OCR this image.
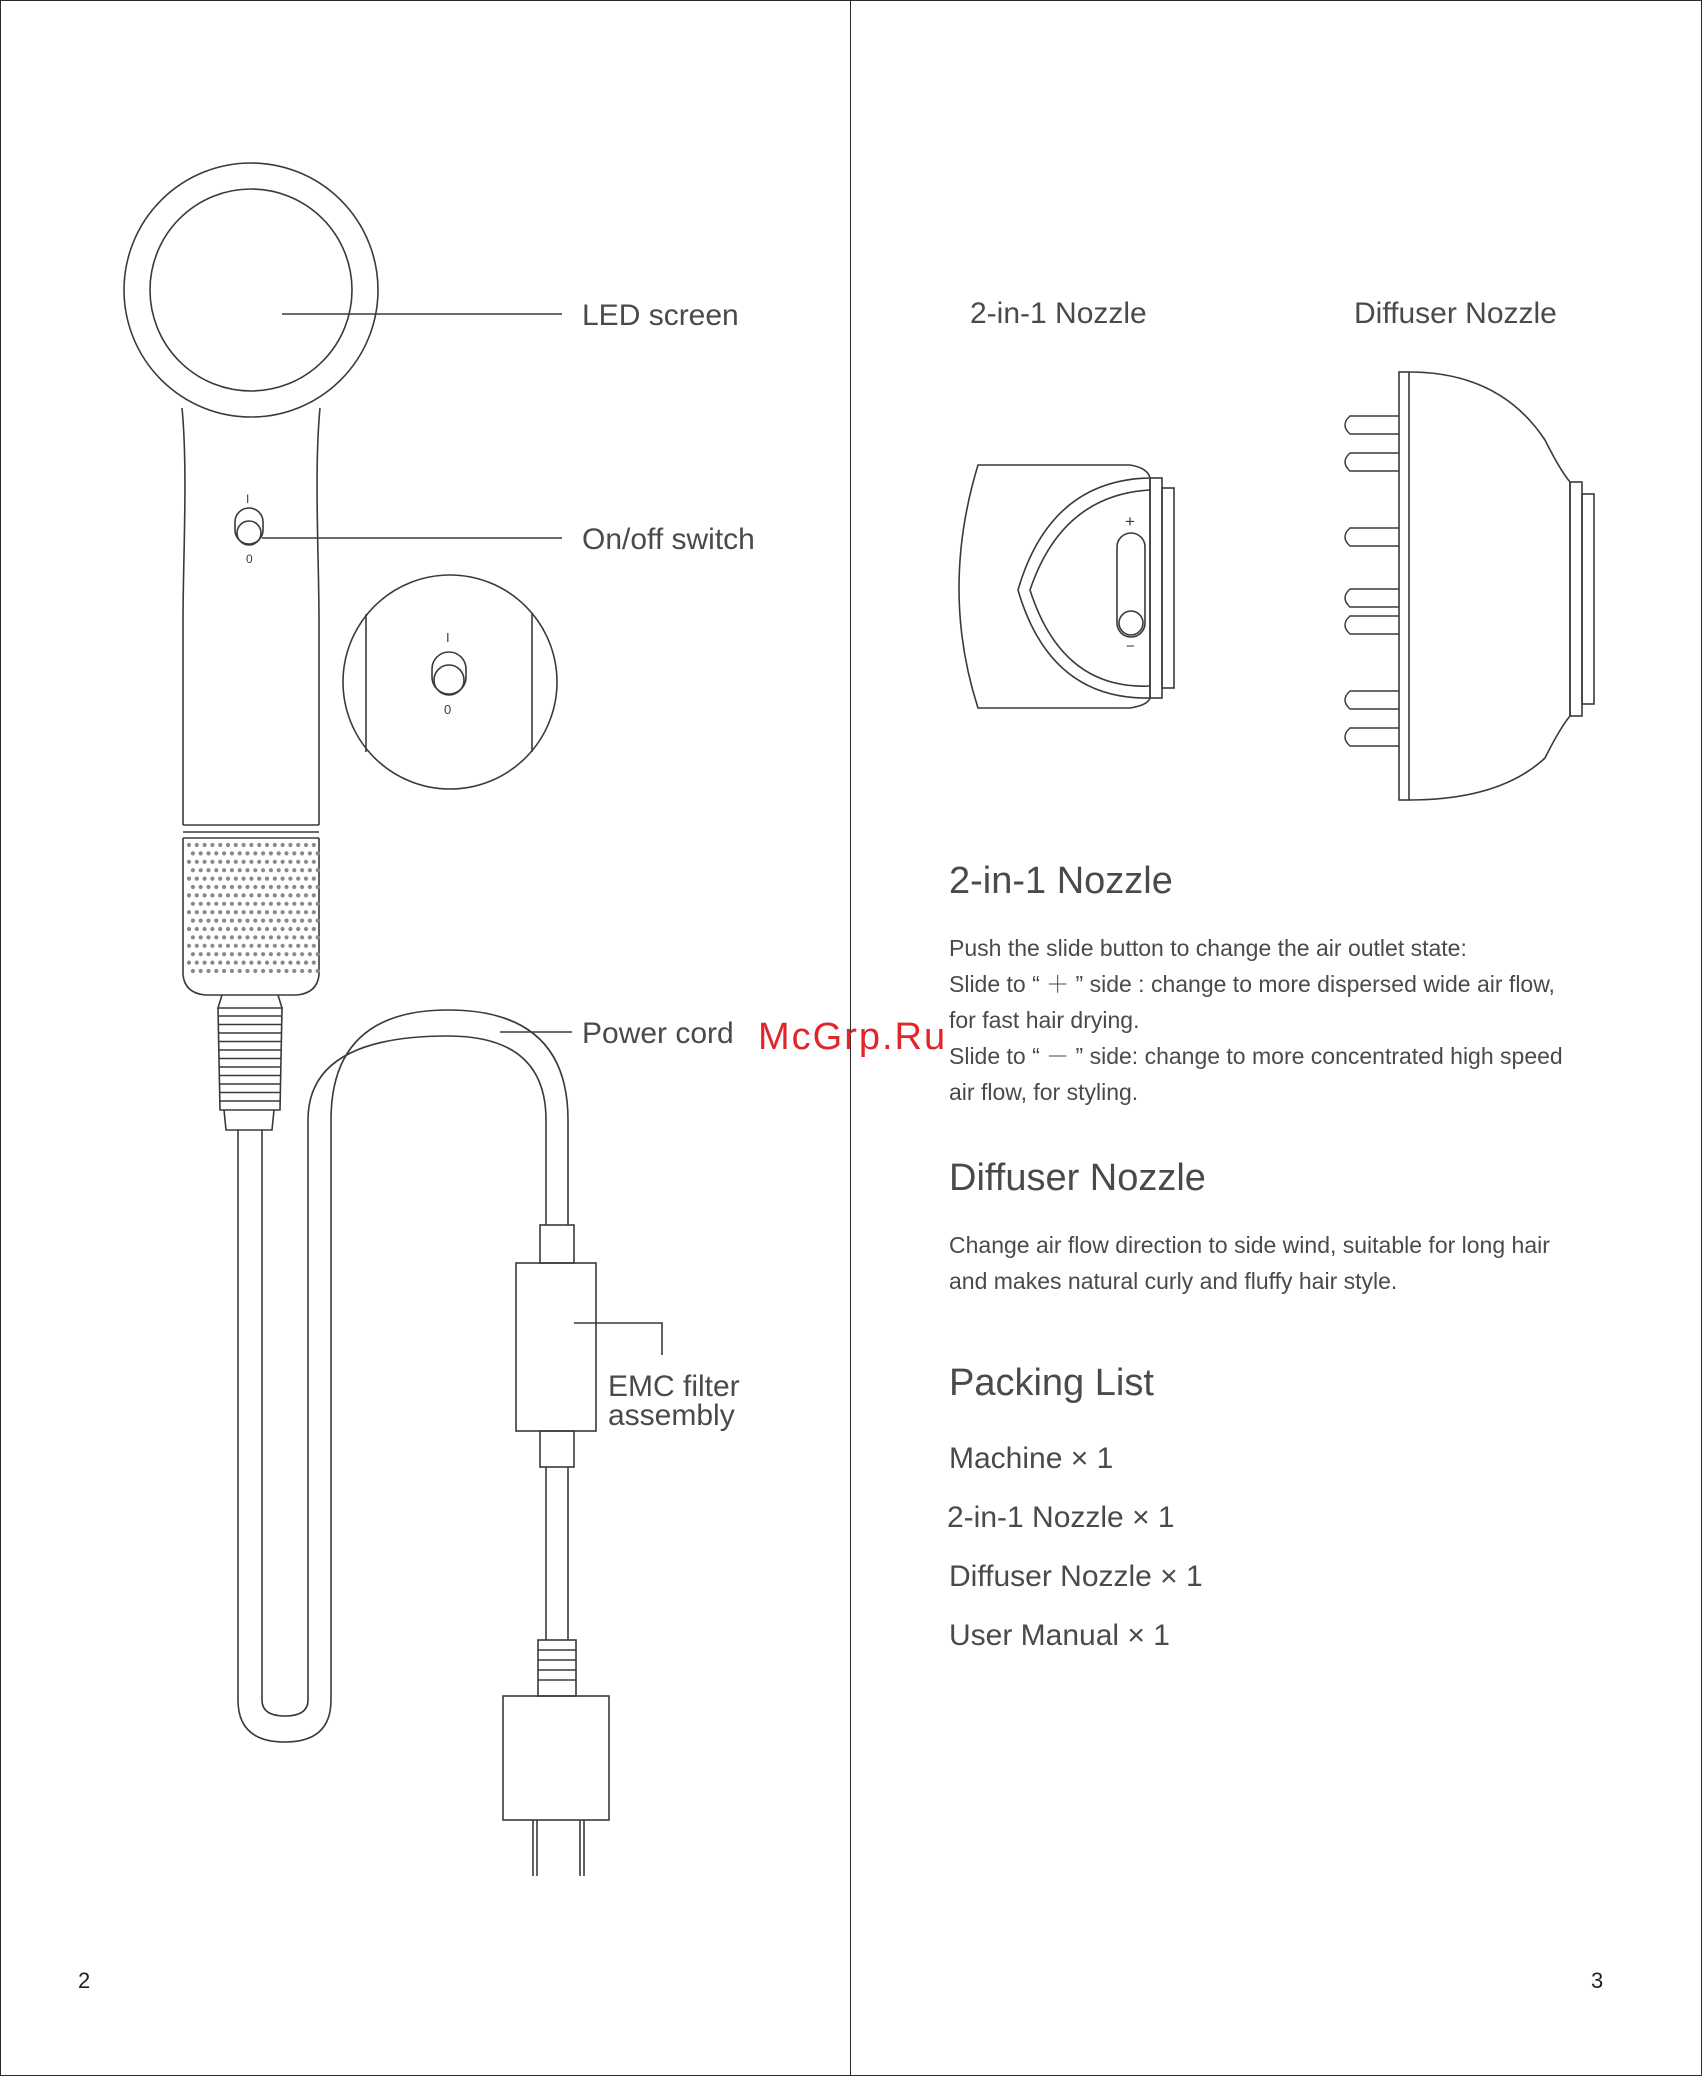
LED screen
On/off switch
Power cord
EMC filter
assembly
I
0
I
0
2-in-1 Nozzle	Diffuser Nozzle
+
−
2-in-1 Nozzle
Push the slide button to change the air outlet state:
Slide to “ ＋ ” side : change to more dispersed wide air flow,
for fast hair drying.
Slide to “ － ” side: change to more concentrated high speed
air flow, for styling.
Diffuser Nozzle
Change air flow direction to side wind, suitable for long hair
and makes natural curly and fluffy hair style.
Packing List
Machine × 1
2-in-1 Nozzle × 1
Diffuser Nozzle × 1
User Manual × 1
2	3
McGrp.Ru
